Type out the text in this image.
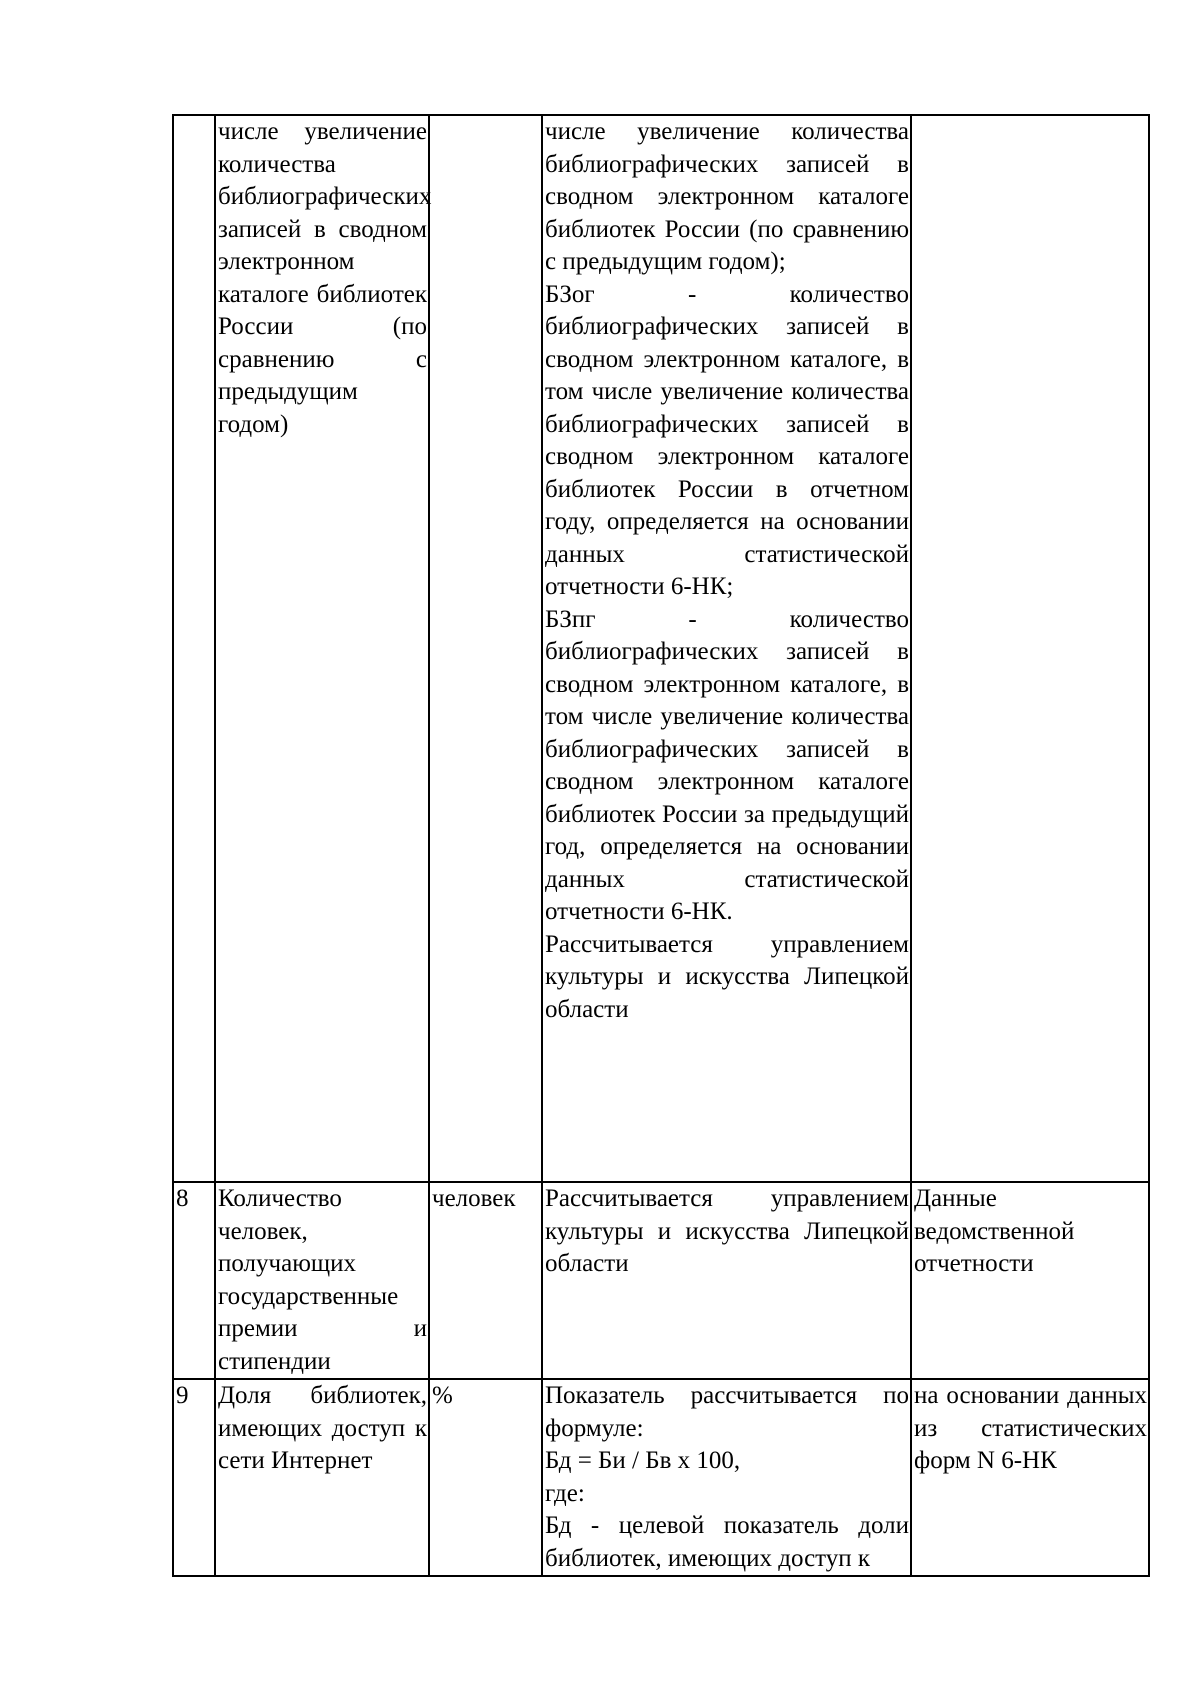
	числе увеличение количества библиографических записей в сводном электронном каталоге библиотек России (по сравнению с предыдущим годом)		числе увеличение количества библиографических записей в сводном электронном каталоге библиотек России (по сравнению с предыдущим годом);

БЗог - количество библиографических записей в сводном электронном каталоге, в том числе увеличение количества библиографических записей в сводном электронном каталоге библиотек России в отчетном году, определяется на основании данных статистической отчетности 6-НК;

БЗпг - количество библиографических записей в сводном электронном каталоге, в том числе увеличение количества библиографических записей в сводном электронном каталоге библиотек России за предыдущий год, определяется на основании данных статистической отчетности 6-НК.

Рассчитывается управлением культуры и искусства Липецкой области	

8	Количество человек, получающих государственные премии и стипендии	человек	Рассчитывается управлением культуры и искусства Липецкой области	Данные ведомственной отчетности
9	Доля библиотек, имеющих доступ к сети Интернет	%	Показатель рассчитывается по формуле:

Бд = Би / Бв x 100,

где:

Бд - целевой показатель доли библиотек, имеющих доступ к	на основании данных из статистических форм N 6-НК
